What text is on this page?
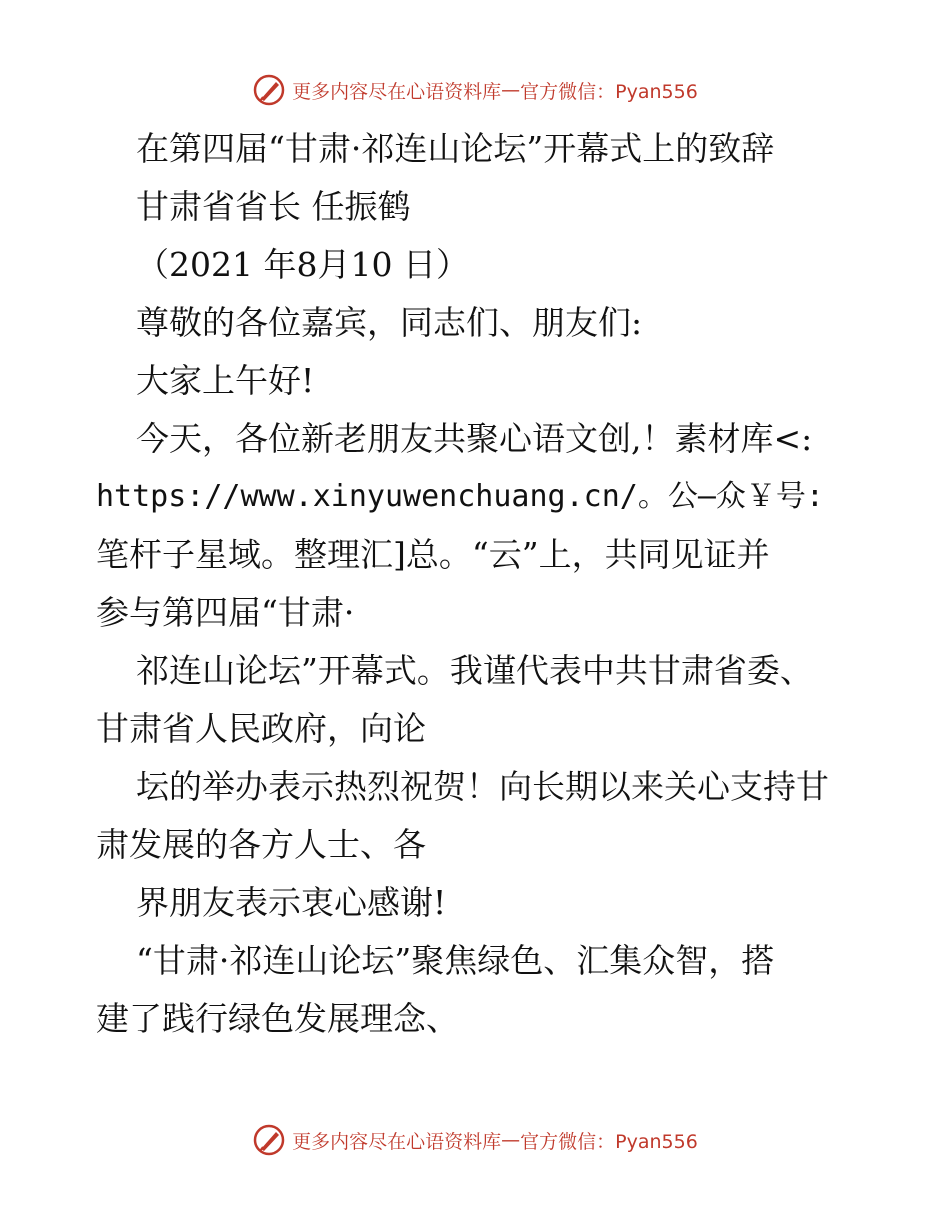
更多内容尽在心语资料库 — 官方微信：Pyan556
在第四届“甘肃·祁连山论坛”开幕式上的致辞
甘肃省省长 任振鹤
（2021 年8月10 日）
尊敬的各位嘉宾，同志们、朋友们:
大家上午好!
今天，各位新老朋友共聚心语文创,！素材库<:
https://www.xinyuwenchuang.cn/。公—众￥号:
笔杆子星域。整理汇]总。“云”上，共同见证并
参与第四届“甘肃·
祁连山论坛”开幕式。我谨代表中共甘肃省委、
甘肃省人民政府，向论
坛的举办表示热烈祝贺！向长期以来关心支持甘
肃发展的各方人士、各
界朋友表示衷心感谢!
“甘肃·祁连山论坛”聚焦绿色、汇集众智，搭
建了践行绿色发展理念、
更多内容尽在心语资料库 — 官方微信：Pyan556
